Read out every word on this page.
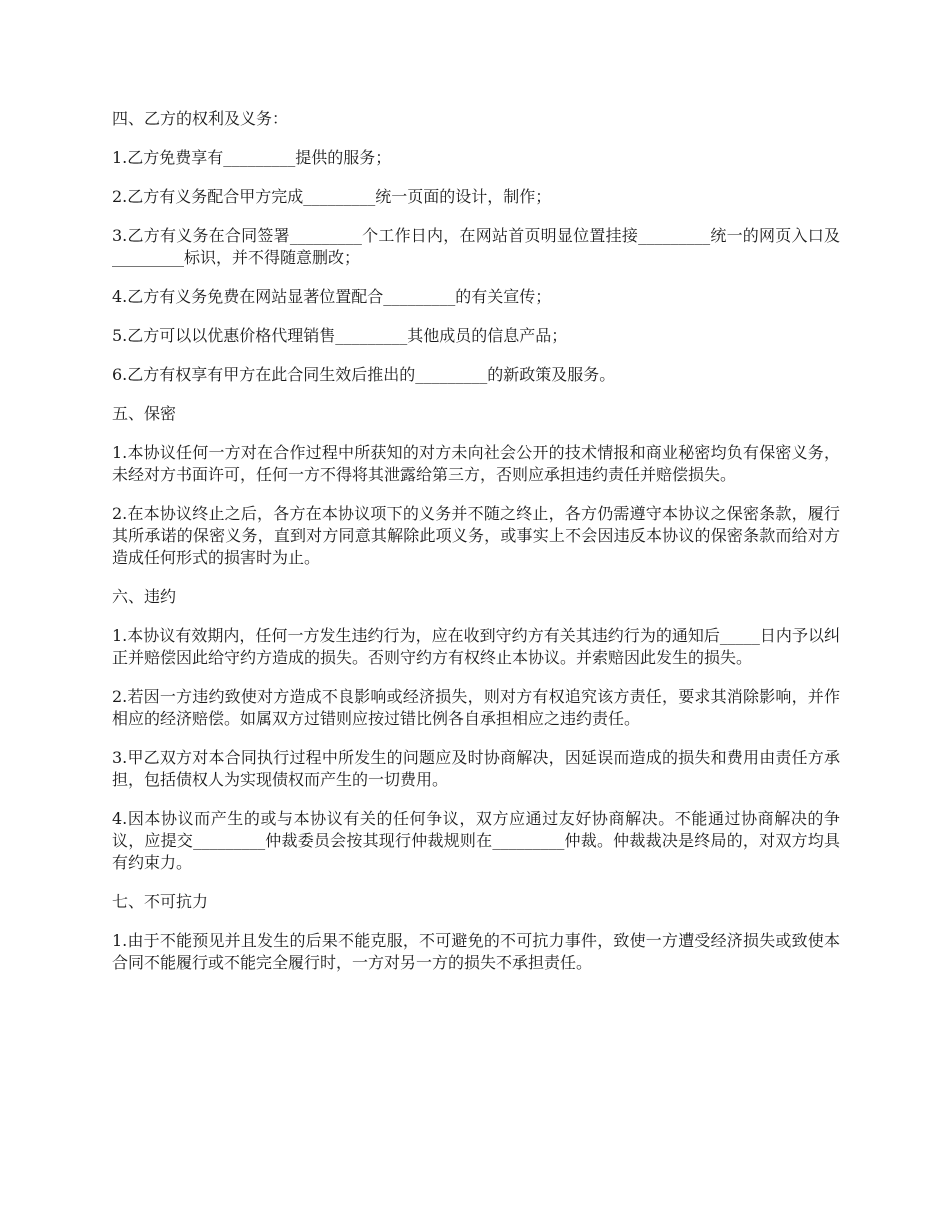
四、乙方的权利及义务：

1.乙方免费享有_________提供的服务；

2.乙方有义务配合甲方完成_________统一页面的设计，制作；

3.乙方有义务在合同签署_________个工作日内，在网站首页明显位置挂接_________统一的网页入口及_________标识，并不得随意删改；

4.乙方有义务免费在网站显著位置配合_________的有关宣传；

5.乙方可以以优惠价格代理销售_________其他成员的信息产品；

6.乙方有权享有甲方在此合同生效后推出的_________的新政策及服务。

五、保密

1.本协议任何一方对在合作过程中所获知的对方未向社会公开的技术情报和商业秘密均负有保密义务，未经对方书面许可，任何一方不得将其泄露给第三方，否则应承担违约责任并赔偿损失。

2.在本协议终止之后，各方在本协议项下的义务并不随之终止，各方仍需遵守本协议之保密条款，履行其所承诺的保密义务，直到对方同意其解除此项义务，或事实上不会因违反本协议的保密条款而给对方造成任何形式的损害时为止。

六、违约

1.本协议有效期内，任何一方发生违约行为，应在收到守约方有关其违约行为的通知后_____日内予以纠正并赔偿因此给守约方造成的损失。否则守约方有权终止本协议。并索赔因此发生的损失。

2.若因一方违约致使对方造成不良影响或经济损失，则对方有权追究该方责任，要求其消除影响，并作相应的经济赔偿。如属双方过错则应按过错比例各自承担相应之违约责任。

3.甲乙双方对本合同执行过程中所发生的问题应及时协商解决，因延误而造成的损失和费用由责任方承担，包括债权人为实现债权而产生的一切费用。

4.因本协议而产生的或与本协议有关的任何争议，双方应通过友好协商解决。不能通过协商解决的争议，应提交_________仲裁委员会按其现行仲裁规则在_________仲裁。仲裁裁决是终局的，对双方均具有约束力。

七、不可抗力

1.由于不能预见并且发生的后果不能克服，不可避免的不可抗力事件，致使一方遭受经济损失或致使本合同不能履行或不能完全履行时，一方对另一方的损失不承担责任。
